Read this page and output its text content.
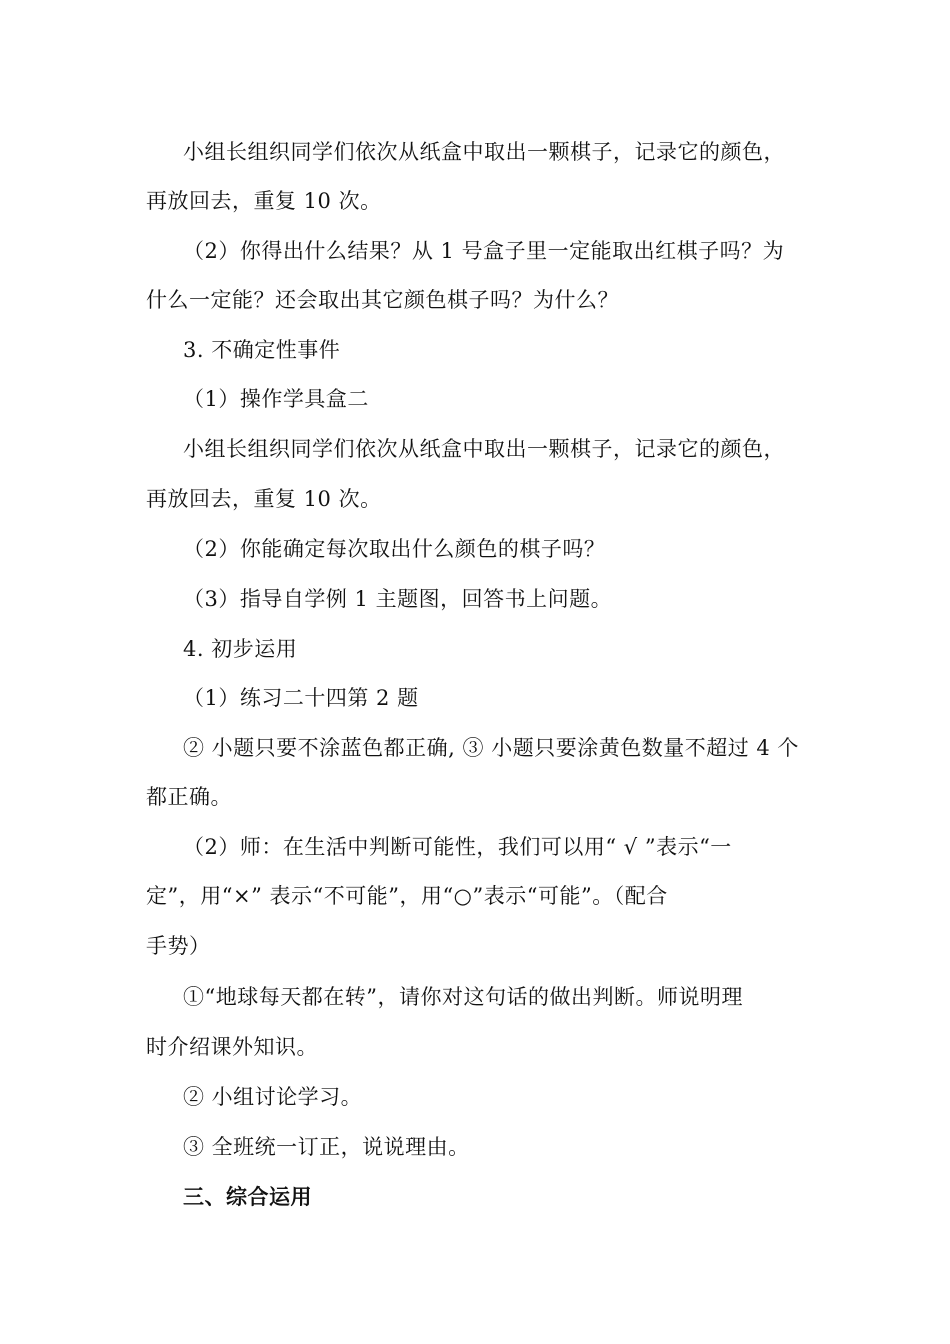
小组长组织同学们依次从纸盒中取出一颗棋子，记录它的颜色，
再放回去，重复 10 次。
（2）你得出什么结果？从 1 号盒子里一定能取出红棋子吗？为
什么一定能？还会取出其它颜色棋子吗？为什么？
3. 不确定性事件
（1）操作学具盒二
小组长组织同学们依次从纸盒中取出一颗棋子，记录它的颜色，
再放回去，重复 10 次。
（2）你能确定每次取出什么颜色的棋子吗？
（3）指导自学例 1 主题图，回答书上问题。
4. 初步运用
（1）练习二十四第 2 题
② 小题只要不涂蓝色都正确, ③ 小题只要涂黄色数量不超过 4 个
都正确。
（2）师：在生活中判断可能性，我们可以用“ √ ”表示“一
定”，用“×” 表示“不可能”，用“○”表示“可能”。（配合
手势）
①“地球每天都在转”，请你对这句话的做出判断。师说明理
时介绍课外知识。
② 小组讨论学习。
③ 全班统一订正，说说理由。
三、综合运用
